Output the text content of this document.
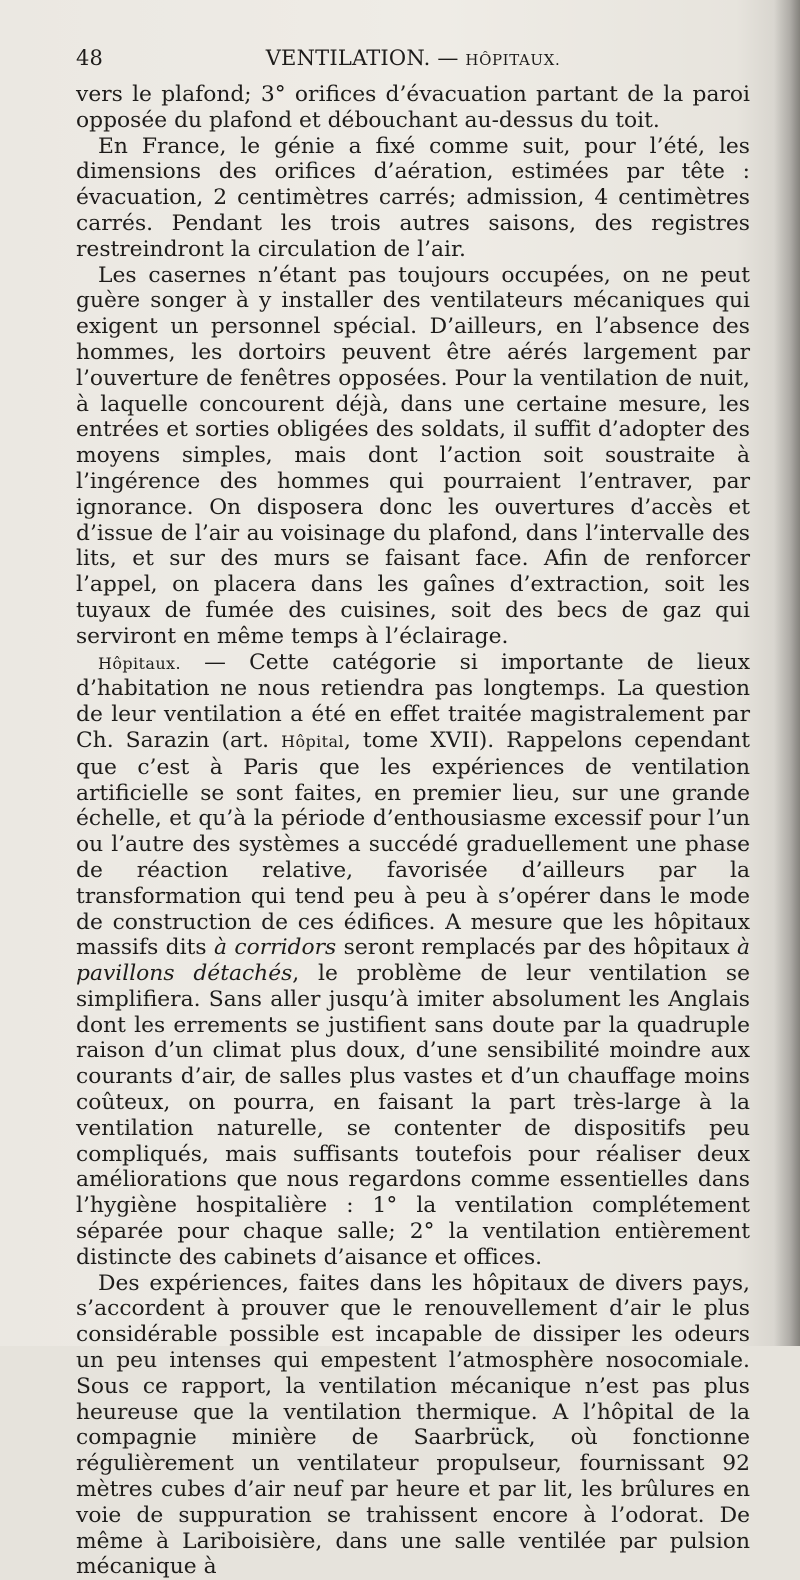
48	VENTILATION. — HÔPITAUX.

vers le plafond; 3° orifices d’évacuation partant de la paroi opposée du plafond et débouchant au-dessus du toit.

En France, le génie a fixé comme suit, pour l’été, les dimensions des orifices d’aération, estimées par tête : évacuation, 2 centimètres carrés; admission, 4 centimètres carrés. Pendant les trois autres saisons, des registres restreindront la circulation de l’air.

Les casernes n’étant pas toujours occupées, on ne peut guère songer à y installer des ventilateurs mécaniques qui exigent un personnel spécial. D’ailleurs, en l’absence des hommes, les dortoirs peuvent être aérés largement par l’ouverture de fenêtres opposées. Pour la ventilation de nuit, à laquelle concourent déjà, dans une certaine mesure, les entrées et sorties obligées des soldats, il suffit d’adopter des moyens simples, mais dont l’action soit soustraite à l’ingérence des hommes qui pourraient l’entraver, par ignorance. On disposera donc les ouvertures d’accès et d’issue de l’air au voisinage du plafond, dans l’intervalle des lits, et sur des murs se faisant face. Afin de renforcer l’appel, on placera dans les gaînes d’extraction, soit les tuyaux de fumée des cuisines, soit des becs de gaz qui serviront en même temps à l’éclairage.

Hôpitaux. — Cette catégorie si importante de lieux d’habitation ne nous retiendra pas longtemps. La question de leur ventilation a été en effet traitée magistralement par Ch. Sarazin (art. Hôpital, tome XVII). Rappelons cependant que c’est à Paris que les expériences de ventilation artificielle se sont faites, en premier lieu, sur une grande échelle, et qu’à la période d’enthousiasme excessif pour l’un ou l’autre des systèmes a succédé graduellement une phase de réaction relative, favorisée d’ailleurs par la transformation qui tend peu à peu à s’opérer dans le mode de construction de ces édifices. A mesure que les hôpitaux massifs dits à corridors seront remplacés par des hôpitaux à pavillons détachés, le problème de leur ventilation se simplifiera. Sans aller jusqu’à imiter absolument les Anglais dont les errements se justifient sans doute par la quadruple raison d’un climat plus doux, d’une sensibilité moindre aux courants d’air, de salles plus vastes et d’un chauffage moins coûteux, on pourra, en faisant la part très-large à la ventilation naturelle, se contenter de dispositifs peu compliqués, mais suffisants toutefois pour réaliser deux améliorations que nous regardons comme essentielles dans l’hygiène hospitalière : 1° la ventilation complétement séparée pour chaque salle; 2° la ventilation entièrement distincte des cabinets d’aisance et offices.

Des expériences, faites dans les hôpitaux de divers pays, s’accordent à prouver que le renouvellement d’air le plus considérable possible est incapable de dissiper les odeurs un peu intenses qui empestent l’atmosphère nosocomiale. Sous ce rapport, la ventilation mécanique n’est pas plus heureuse que la ventilation thermique. A l’hôpital de la compagnie minière de Saarbrück, où fonctionne régulièrement un ventilateur propulseur, fournissant 92 mètres cubes d’air neuf par heure et par lit, les brûlures en voie de suppuration se trahissent encore à l’odorat. De même à Lariboisière, dans une salle ventilée par pulsion mécanique à
